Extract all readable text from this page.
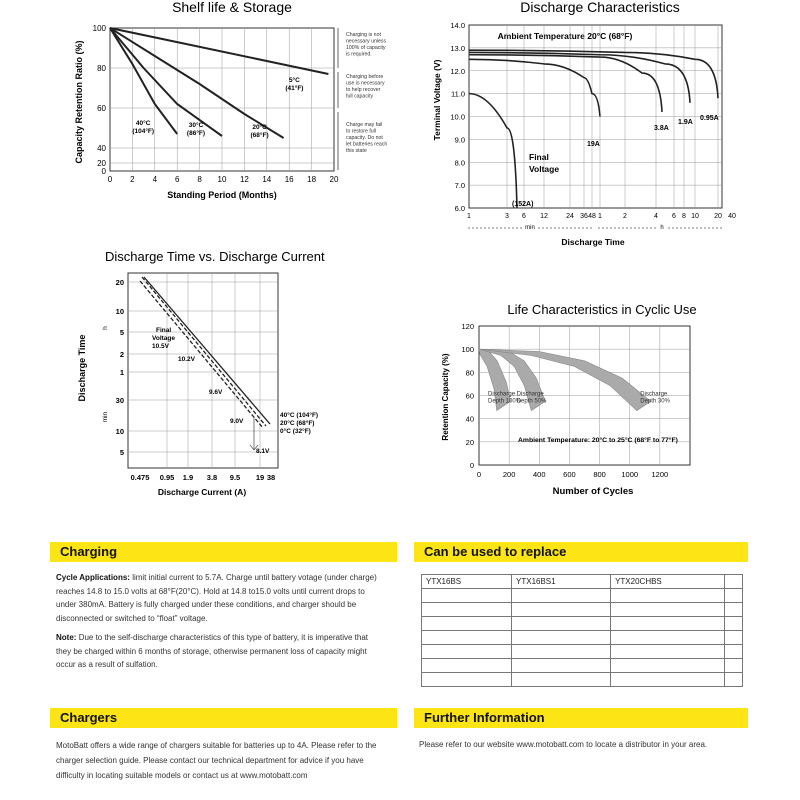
Shelf life & Storage
Capacity Retention Ratio (%)
Standing Period (Months)
0 2 4 6 8 10 12 14 16 18 20
100
80
60
40
20
0
5°C (41°F)
20°C (68°F)
30°C (86°F)
40°C (104°F)
Charging is not necessary unless 100% of capacity is required.
Charging before use is necessary to help recover full capacity
Charge may fail to restore full capacity. Do not let batteries reach this state
Discharge Characteristics
Ambient Temperature 20°C (68°F)
Terminal Voltage (V)
Discharge Time
1	3 6 12	24 36 48 1	2	4 6 8 10 20 40
14.0
13.0
12.0
11.0
10.0
9.0
8.0
7.0
6.0	(152A)
19A
3.8A
1.9A
0.95A
Final
Voltage
min	h
Discharge Time vs. Discharge Current
Discharge Time
Discharge Current (A)
0.475 0.95 1.9 3.8 9.5 19 38
20
10
5
2
1
30
10
5
40°C (104°F)
20°C (68°F)
0°C (32°F)
Final
Voltage
10.5V
10.2V
9.6V
9.0V
8.1V
h
min
Life Characteristics in Cyclic Use
Retention Capacity (%)
Number of Cycles
0	200 400 600 800 1000 1200
120
100
80
60
40
20
0
Discharge Depth 100%
Discharge Depth 50%
Discharge Depth 30%
Ambient Temperature: 20°C to 25°C (68°F to 77°F)
Charging
Cycle Applications: limit initial current to 5.7A. Charge until battery votage (under charge) reaches 14.8 to 15.0 volts at 68°F(20°C). Hold at 14.8 to15.0 volts until current drops to under 380mA. Battery is fully charged under these conditions, and charger should be disconnected or switched to “float” voltage.
Note: Due to the self-discharge characteristics of this type of battery, it is imperative that they be charged within 6 months of storage, otherwise permanent loss of capacity might occur as a result of sulfation.
Can be used to replace
YTX16BS	YTX16BS1	YTX20CHBS	

Chargers
MotoBatt offers a wide range of chargers suitable for batteries up to 4A. Please refer to the charger selection guide. Please contact our technical department for advice if you have difficulty in locating suitable models or contact us at www.motobatt.com
Further Information
Please refer to our website www.motobatt.com to locate a distributor in your area.
